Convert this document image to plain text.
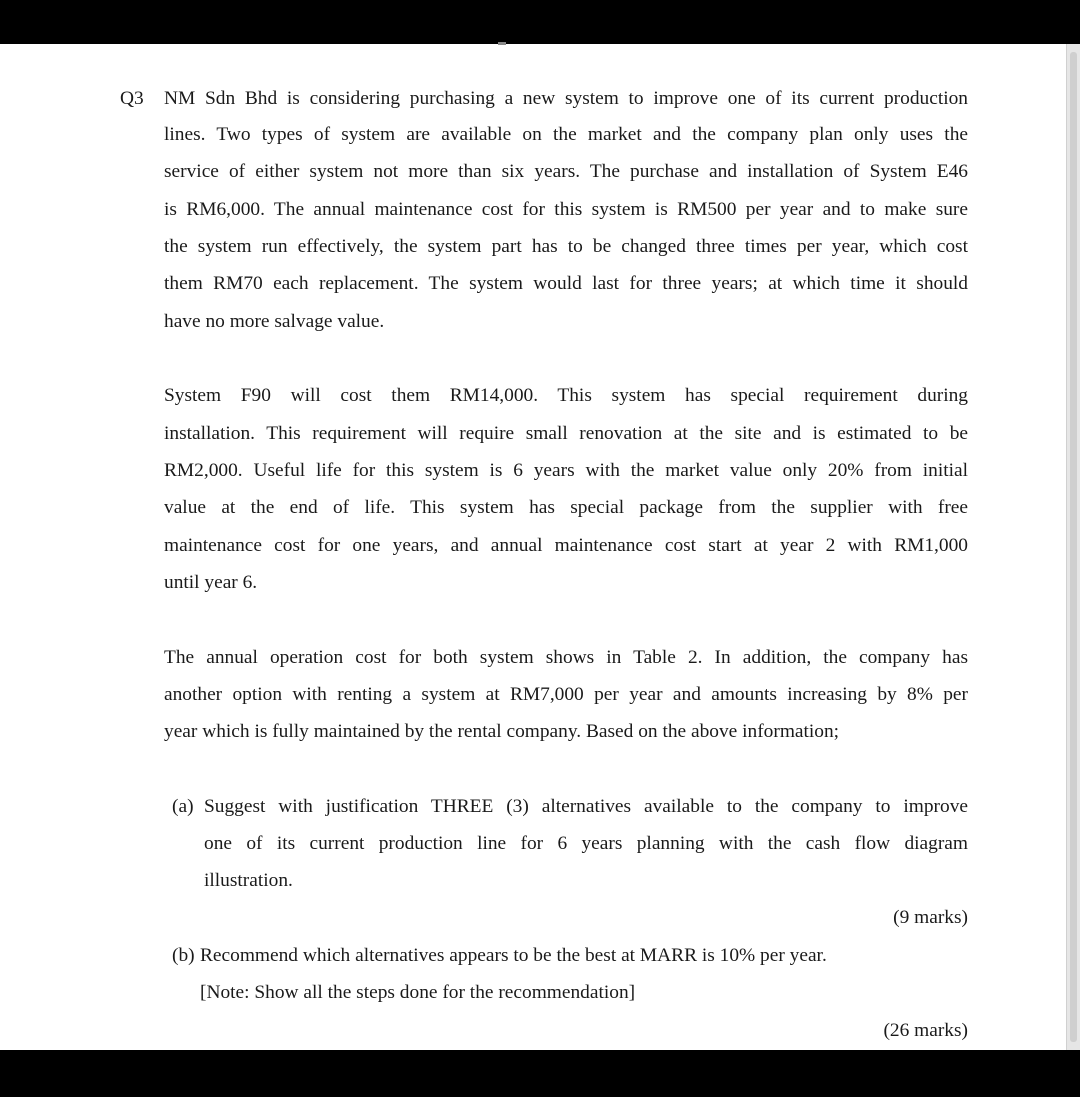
Q3 NM Sdn Bhd is considering purchasing a new system to improve one of its current production
lines. Two types of system are available on the market and the company plan only uses the
service of either system not more than six years. The purchase and installation of System E46
is RM6,000. The annual maintenance cost for this system is RM500 per year and to make sure
the system run effectively, the system part has to be changed three times per year, which cost
them RM70 each replacement. The system would last for three years; at which time it should
have no more salvage value.
System F90 will cost them RM14,000. This system has special requirement during
installation. This requirement will require small renovation at the site and is estimated to be
RM2,000. Useful life for this system is 6 years with the market value only 20% from initial
value at the end of life. This system has special package from the supplier with free
maintenance cost for one years, and annual maintenance cost start at year 2 with RM1,000
until year 6.
The annual operation cost for both system shows in Table 2. In addition, the company has
another option with renting a system at RM7,000 per year and amounts increasing by 8% per
year which is fully maintained by the rental company. Based on the above information;
(a) Suggest with justification THREE (3) alternatives available to the company to improve
one of its current production line for 6 years planning with the cash flow diagram
illustration.
(9 marks)
(b) Recommend which alternatives appears to be the best at MARR is 10% per year.
[Note: Show all the steps done for the recommendation]
(26 marks)
